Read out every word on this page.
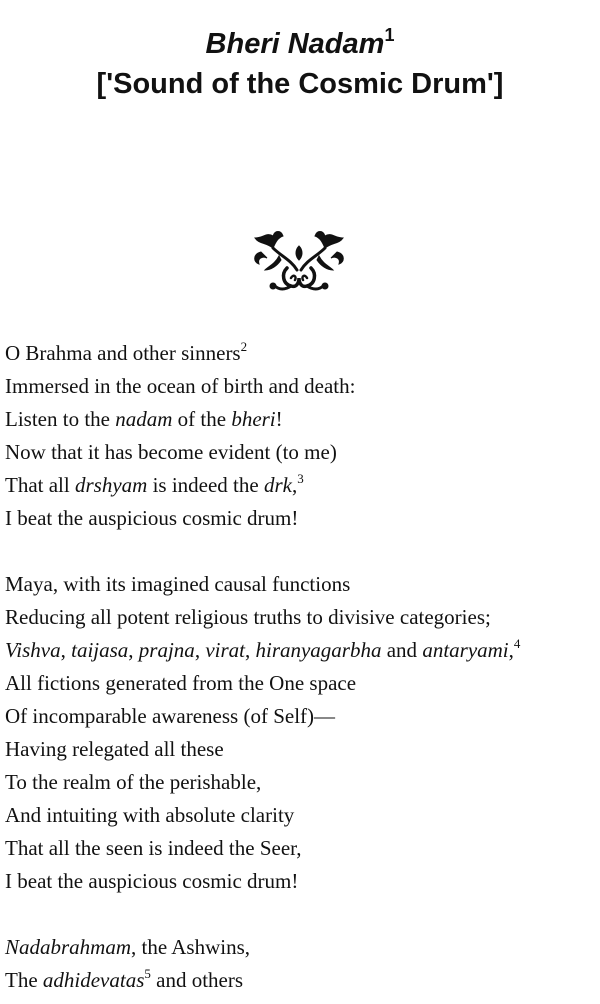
Bheri Nadam$^1$
['Sound of the Cosmic Drum']
O Brahma and other sinners$^2$
Immersed in the ocean of birth and death:
Listen to the nadam of the bheri!
Now that it has become evident (to me)
That all drshyam is indeed the drk,$^3$
I beat the auspicious cosmic drum!
Maya, with its imagined causal functions
Reducing all potent religious truths to divisive categories;
Vishva, taijasa, prajna, virat, hiranyagarbha and antaryami,$^4$
All fictions generated from the One space
Of incomparable awareness (of Self)—
Having relegated all these
To the realm of the perishable,
And intuiting with absolute clarity
That all the seen is indeed the Seer,
I beat the auspicious cosmic drum!
Nadabrahmam, the Ashwins,
The adhidevatas$^5$ and others
